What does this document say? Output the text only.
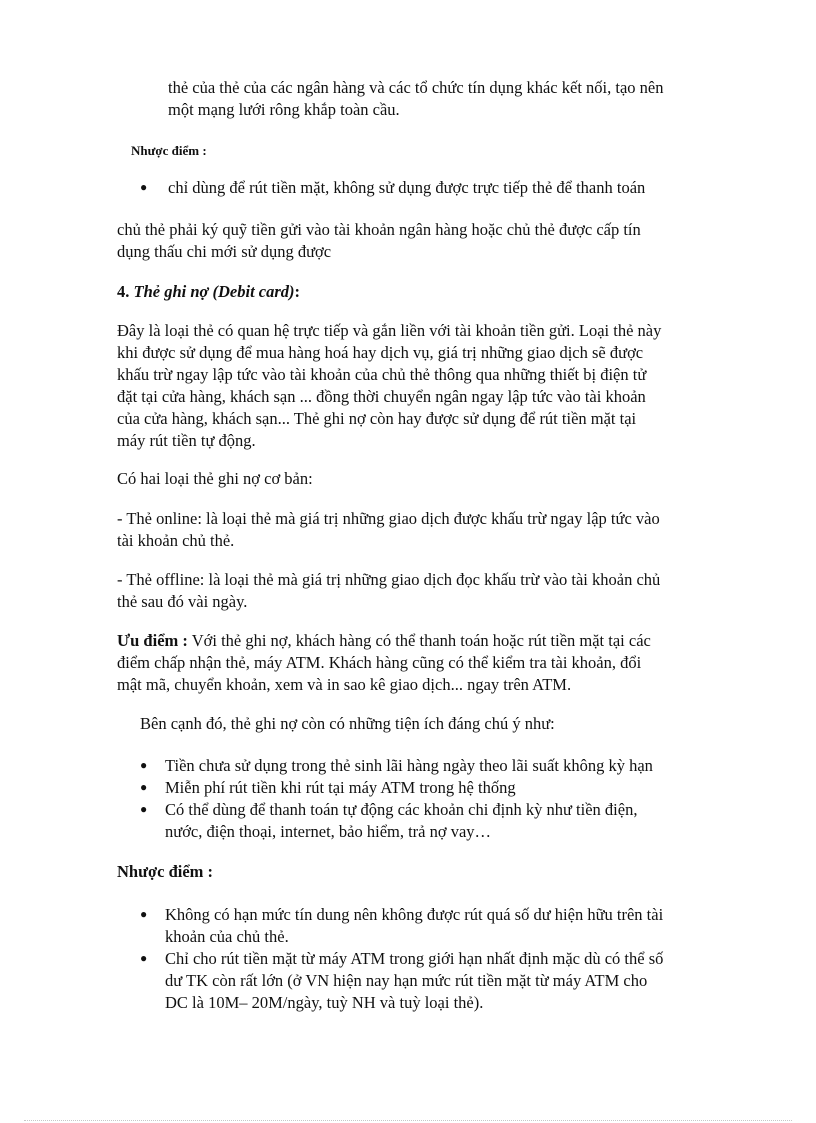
thẻ của thẻ của các ngân hàng và các tổ chức tín dụng khác kết nối, tạo nên
một mạng lưới rông khắp toàn cầu.
Nhược điểm :
● chỉ dùng để rút tiền mặt, không sử dụng được trực tiếp thẻ để thanh toán
chủ thẻ phải ký quỹ tiền gửi vào tài khoản ngân hàng hoặc chủ thẻ được cấp tín
dụng thấu chi mới sử dụng được
4. Thẻ ghi nợ (Debit card):
Đây là loại thẻ có quan hệ trực tiếp và gắn liền với tài khoản tiền gửi. Loại thẻ này
khi được sử dụng để mua hàng hoá hay dịch vụ, giá trị những giao dịch sẽ được
khấu trừ ngay lập tức vào tài khoản của chủ thẻ thông qua những thiết bị điện tử
đặt tại cửa hàng, khách sạn ... đồng thời chuyển ngân ngay lập tức vào tài khoản
của cửa hàng, khách sạn... Thẻ ghi nợ còn hay được sử dụng để rút tiền mặt tại
máy rút tiền tự động.
Có hai loại thẻ ghi nợ cơ bản:
- Thẻ online: là loại thẻ mà giá trị những giao dịch được khấu trừ ngay lập tức vào
tài khoản chủ thẻ.
- Thẻ offline: là loại thẻ mà giá trị những giao dịch đọc khấu trừ vào tài khoản chủ
thẻ sau đó vài ngày.
Ưu điểm : Với thẻ ghi nợ, khách hàng có thể thanh toán hoặc rút tiền mặt tại các
điểm chấp nhận thẻ, máy ATM. Khách hàng cũng có thể kiểm tra tài khoản, đổi
mật mã, chuyển khoản, xem và in sao kê giao dịch... ngay trên ATM.
Bên cạnh đó, thẻ ghi nợ còn có những tiện ích đáng chú ý như:
● Tiền chưa sử dụng trong thẻ sinh lãi hàng ngày theo lãi suất không kỳ hạn
● Miễn phí rút tiền khi rút tại máy ATM trong hệ thống
● Có thể dùng để thanh toán tự động các khoản chi định kỳ như tiền điện,
nước, điện thoại, internet, bảo hiểm, trả nợ vay…
Nhược điểm :
● Không có hạn mức tín dung nên không được rút quá số dư hiện hữu trên tài
khoản của chủ thẻ.
● Chỉ cho rút tiền mặt từ máy ATM trong giới hạn nhất định mặc dù có thể số
dư TK còn rất lớn (ở VN hiện nay hạn mức rút tiền mặt từ máy ATM cho
DC là 10M– 20M/ngày, tuỳ NH và tuỳ loại thẻ).
